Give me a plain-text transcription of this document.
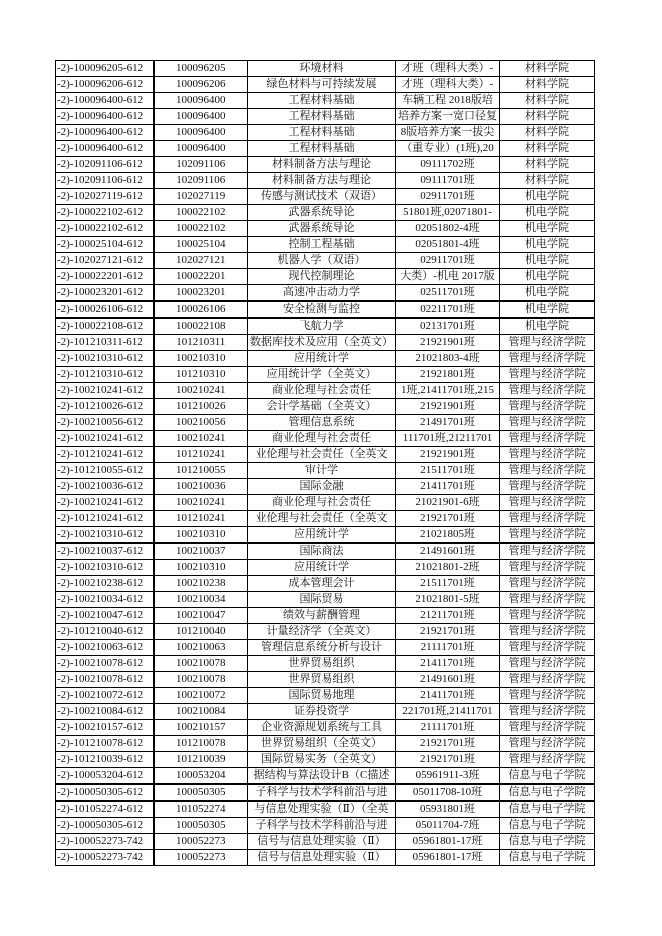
-2)-100096205-612	100096205	环境材料	才班（理科大类）-	材料学院
-2)-100096206-612	100096206	绿色材料与可持续发展	才班（理科大类）-	材料学院
-2)-100096400-612	100096400	工程材料基础	车辆工程 2018版培	材料学院
-2)-100096400-612	100096400	工程材料基础	培养方案一宽口径复	材料学院
-2)-100096400-612	100096400	工程材料基础	8版培养方案一拔尖	材料学院
-2)-100096400-612	100096400	工程材料基础	（重专业）(1班),20	材料学院
-2)-102091106-612	102091106	材料制备方法与理论	09111702班	材料学院
-2)-102091106-612	102091106	材料制备方法与理论	09111701班	材料学院
-2)-102027119-612	102027119	传感与测试技术（双语）	02911701班	机电学院
-2)-100022102-612	100022102	武器系统导论	51801班,02071801-	机电学院
-2)-100022102-612	100022102	武器系统导论	02051802-4班	机电学院
-2)-100025104-612	100025104	控制工程基础	02051801-4班	机电学院
-2)-102027121-612	102027121	机器人学（双语）	02911701班	机电学院
-2)-100022201-612	100022201	现代控制理论	大类）-机电 2017版	机电学院
-2)-100023201-612	100023201	高速冲击动力学	02511701班	机电学院
-2)-100026106-612	100026106	安全检测与监控	02211701班	机电学院
-2)-100022108-612	100022108	飞航力学	02131701班	机电学院
-2)-101210311-612	101210311	数据库技术及应用（全英文）	21921901班	管理与经济学院
-2)-100210310-612	100210310	应用统计学	21021803-4班	管理与经济学院
-2)-101210310-612	101210310	应用统计学（全英文）	21921801班	管理与经济学院
-2)-100210241-612	100210241	商业伦理与社会责任	1班,21411701班,215	管理与经济学院
-2)-101210026-612	101210026	会计学基础（全英文）	21921901班	管理与经济学院
-2)-100210056-612	100210056	管理信息系统	21491701班	管理与经济学院
-2)-100210241-612	100210241	商业伦理与社会责任	111701班,21211701	管理与经济学院
-2)-101210241-612	101210241	业伦理与社会责任（全英文	21921901班	管理与经济学院
-2)-101210055-612	101210055	审计学	21511701班	管理与经济学院
-2)-100210036-612	100210036	国际金融	21411701班	管理与经济学院
-2)-100210241-612	100210241	商业伦理与社会责任	21021901-6班	管理与经济学院
-2)-101210241-612	101210241	业伦理与社会责任（全英文	21921701班	管理与经济学院
-2)-100210310-612	100210310	应用统计学	21021805班	管理与经济学院
-2)-100210037-612	100210037	国际商法	21491601班	管理与经济学院
-2)-100210310-612	100210310	应用统计学	21021801-2班	管理与经济学院
-2)-100210238-612	100210238	成本管理会计	21511701班	管理与经济学院
-2)-100210034-612	100210034	国际贸易	21021801-5班	管理与经济学院
-2)-100210047-612	100210047	绩效与薪酬管理	21211701班	管理与经济学院
-2)-101210040-612	101210040	计量经济学（全英文）	21921701班	管理与经济学院
-2)-100210063-612	100210063	管理信息系统分析与设计	21111701班	管理与经济学院
-2)-100210078-612	100210078	世界贸易组织	21411701班	管理与经济学院
-2)-100210078-612	100210078	世界贸易组织	21491601班	管理与经济学院
-2)-100210072-612	100210072	国际贸易地理	21411701班	管理与经济学院
-2)-100210084-612	100210084	证券投资学	221701班,21411701	管理与经济学院
-2)-100210157-612	100210157	企业资源规划系统与工具	21111701班	管理与经济学院
-2)-101210078-612	101210078	世界贸易组织（全英文）	21921701班	管理与经济学院
-2)-101210039-612	101210039	国际贸易实务（全英文）	21921701班	管理与经济学院
-2)-100053204-612	100053204	据结构与算法设计B（C描述	05961911-3班	信息与电子学院
-2)-100050305-612	100050305	子科学与技术学科前沿与进	05011708-10班	信息与电子学院
-2)-101052274-612	101052274	与信息处理实验（Ⅱ）（全英	05931801班	信息与电子学院
-2)-100050305-612	100050305	子科学与技术学科前沿与进	05011704-7班	信息与电子学院
-2)-100052273-742	100052273	信号与信息处理实验（Ⅱ）	05961801-17班	信息与电子学院
-2)-100052273-742	100052273	信号与信息处理实验（Ⅱ）	05961801-17班	信息与电子学院
